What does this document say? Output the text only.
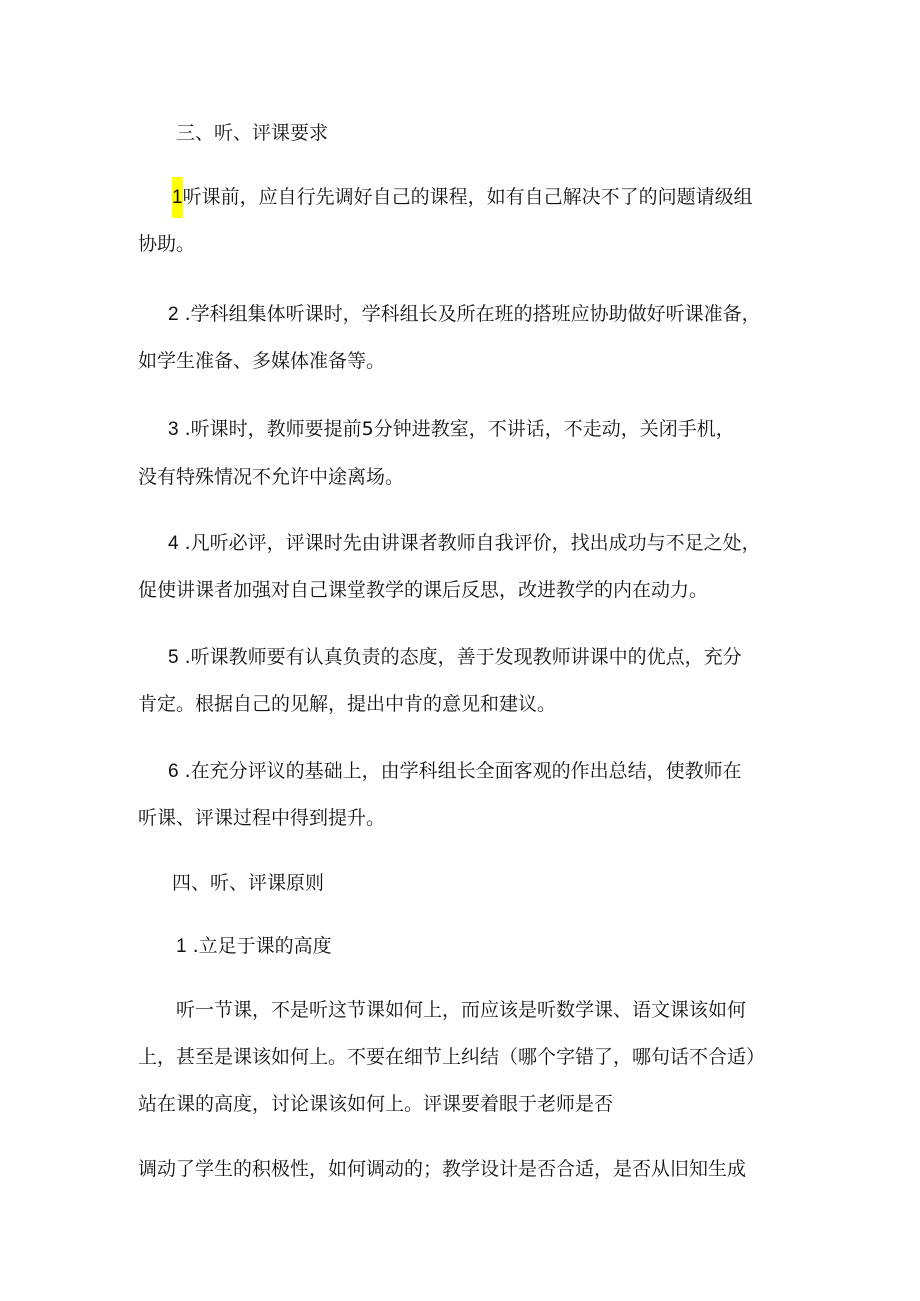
三、听、评课要求
1听课前，应自行先调好自己的课程，如有自己解决不了的问题请级组
协助。
2 .学科组集体听课时，学科组长及所在班的搭班应协助做好听课准备，
如学生准备、多媒体准备等。
3 .听课时，教师要提前5分钟进教室，不讲话，不走动，关闭手机，
没有特殊情况不允许中途离场。
4 .凡听必评，评课时先由讲课者教师自我评价，找出成功与不足之处，
促使讲课者加强对自己课堂教学的课后反思，改进教学的内在动力。
5 .听课教师要有认真负责的态度，善于发现教师讲课中的优点，充分
肯定。根据自己的见解，提出中肯的意见和建议。
6 .在充分评议的基础上，由学科组长全面客观的作出总结，使教师在
听课、评课过程中得到提升。
四、听、评课原则
1 .立足于课的高度
听一节课，不是听这节课如何上，而应该是听数学课、语文课该如何
上，甚至是课该如何上。不要在细节上纠结（哪个字错了，哪句话不合适）
站在课的高度，讨论课该如何上。评课要着眼于老师是否
调动了学生的积极性，如何调动的；教学设计是否合适，是否从旧知生成
